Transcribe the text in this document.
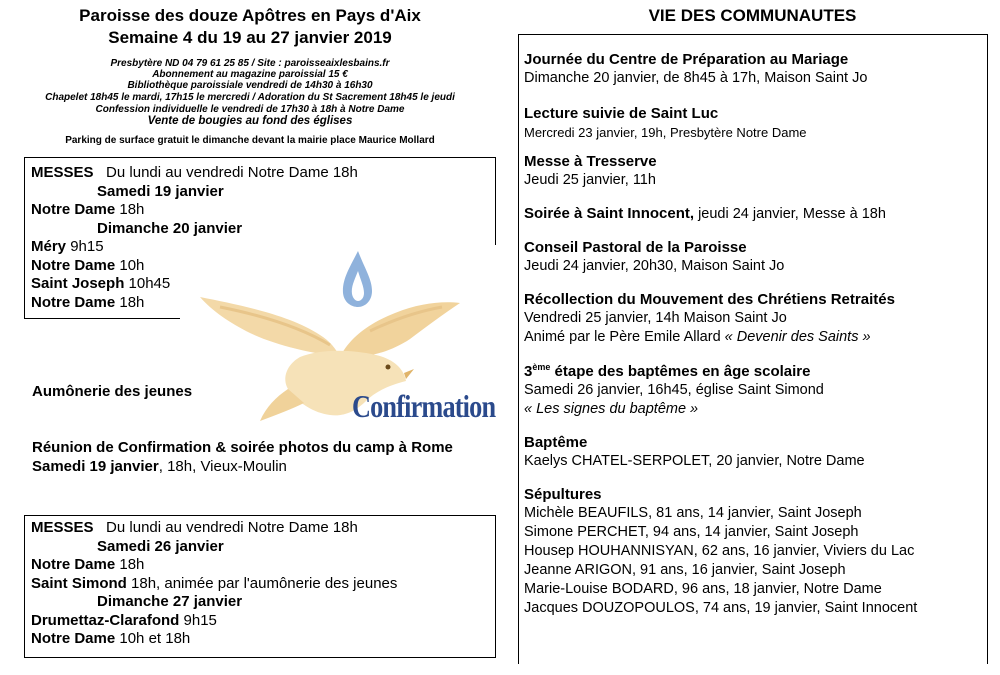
Paroisse des douze Apôtres en Pays d'Aix
Semaine 4 du 19 au 27 janvier 2019
Presbytère ND 04 79 61 25 85 / Site : paroisseaixlesbains.fr
Abonnement au magazine paroissial 15 €
Bibliothèque paroissiale vendredi de 14h30 à 16h30
Chapelet 18h45 le mardi, 17h15 le mercredi / Adoration du St Sacrement 18h45 le jeudi
Confession individuelle le vendredi de 17h30 à 18h à Notre Dame
Vente de bougies au fond des églises
Parking de surface gratuit le dimanche devant la mairie place Maurice Mollard
MESSES Du lundi au vendredi Notre Dame 18h
Samedi 19 janvier
Notre Dame 18h
Dimanche 20 janvier
Méry 9h15
Notre Dame 10h
Saint Joseph 10h45
Notre Dame 18h
Confirmation
Aumônerie des jeunes
Réunion de Confirmation & soirée photos du camp à Rome
Samedi 19 janvier, 18h, Vieux-Moulin
MESSES Du lundi au vendredi Notre Dame 18h
Samedi 26 janvier
Notre Dame 18h
Saint Simond 18h, animée par l'aumônerie des jeunes
Dimanche 27 janvier
Drumettaz-Clarafond 9h15
Notre Dame 10h et 18h
VIE DES COMMUNAUTES
Journée du Centre de Préparation au Mariage
Dimanche 20 janvier, de 8h45 à 17h, Maison Saint Jo
Lecture suivie de Saint Luc
Mercredi 23 janvier, 19h, Presbytère Notre Dame
Messe à Tresserve
Jeudi 25 janvier, 11h
Soirée à Saint Innocent, jeudi 24 janvier, Messe à 18h
Conseil Pastoral de la Paroisse
Jeudi 24 janvier, 20h30, Maison Saint Jo
Récollection du Mouvement des Chrétiens Retraités
Vendredi 25 janvier, 14h Maison Saint Jo
Animé par le Père Emile Allard « Devenir des Saints »
3ème étape des baptêmes en âge scolaire
Samedi 26 janvier, 16h45, église Saint Simond
« Les signes du baptême »
Baptême
Kaelys CHATEL-SERPOLET, 20 janvier, Notre Dame
Sépultures
Michèle BEAUFILS, 81 ans, 14 janvier, Saint Joseph
Simone PERCHET, 94 ans, 14 janvier, Saint Joseph
Housep HOUHANNISYAN, 62 ans, 16 janvier, Viviers du Lac
Jeanne ARIGON, 91 ans, 16 janvier, Saint Joseph
Marie-Louise BODARD, 96 ans, 18 janvier, Notre Dame
Jacques DOUZOPOULOS, 74 ans, 19 janvier, Saint Innocent
